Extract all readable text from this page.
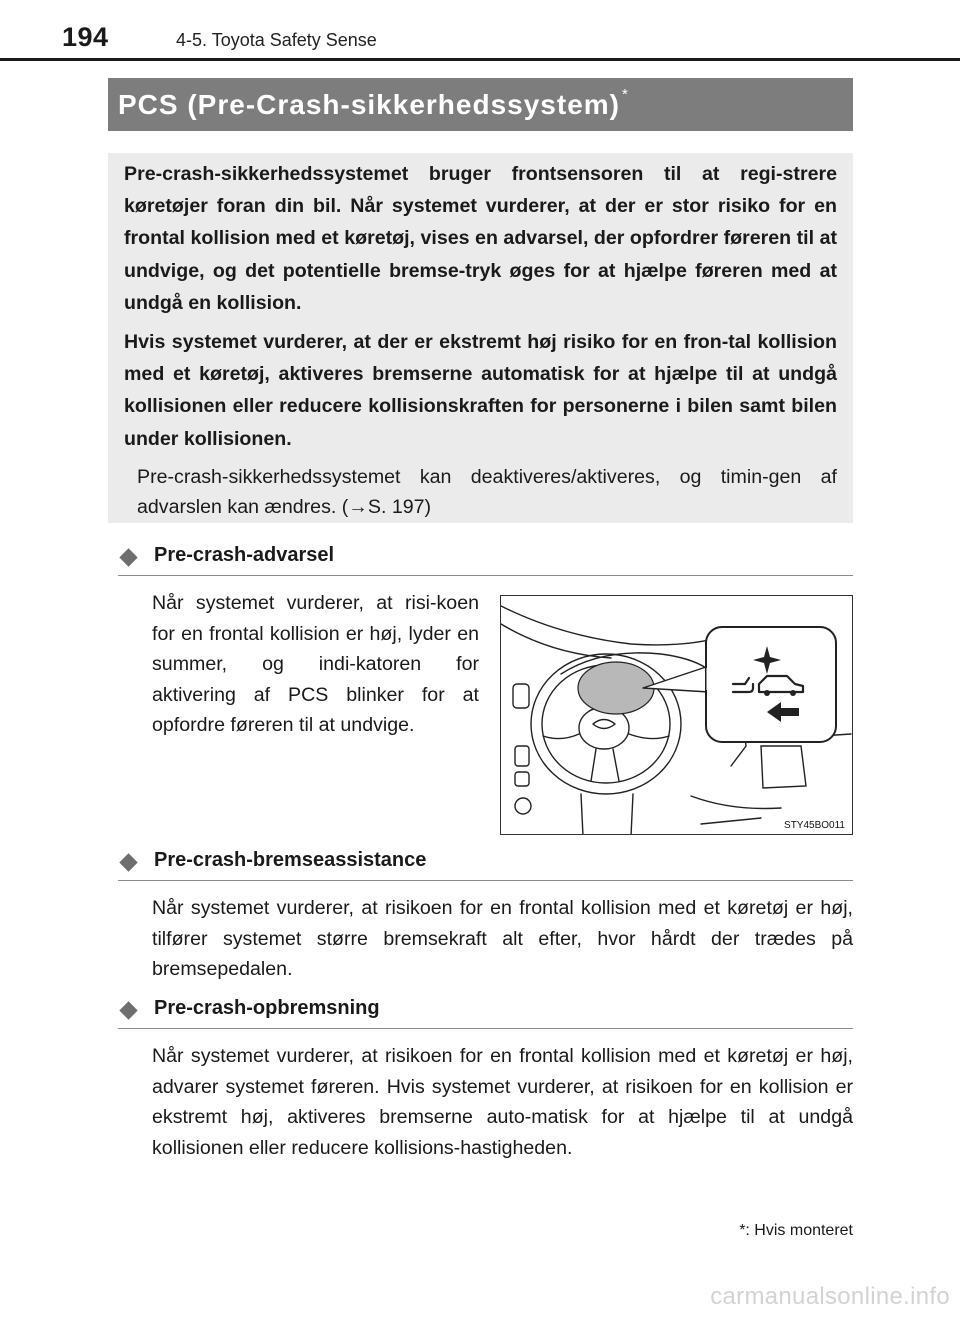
194	4-5. Toyota Safety Sense
PCS (Pre-Crash-sikkerhedssystem) *

Pre-crash-sikkerhedssystemet bruger frontsensoren til at regi-strere køretøjer foran din bil. Når systemet vurderer, at der er stor risiko for en frontal kollision med et køretøj, vises en advarsel, der opfordrer føreren til at undvige, og det potentielle bremse-tryk øges for at hjælpe føreren med at undgå en kollision.

Hvis systemet vurderer, at der er ekstremt høj risiko for en fron-tal kollision med et køretøj, aktiveres bremserne automatisk for at hjælpe til at undgå kollisionen eller reducere kollisionskraften for personerne i bilen samt bilen under kollisionen.

Pre-crash-sikkerhedssystemet kan deaktiveres/aktiveres, og timin-gen af advarslen kan ændres. (→S. 197)

Pre-crash-advarsel

Når systemet vurderer, at risi-koen for en frontal kollision er høj, lyder en summer, og indi-katoren for aktivering af PCS blinker for at opfordre føreren til at undvige.

STY45BO011
Pre-crash-bremseassistance

Når systemet vurderer, at risikoen for en frontal kollision med et køretøj er høj, tilfører systemet større bremsekraft alt efter, hvor hårdt der trædes på bremsepedalen.

Pre-crash-opbremsning

Når systemet vurderer, at risikoen for en frontal kollision med et køretøj er høj, advarer systemet føreren. Hvis systemet vurderer, at risikoen for en kollision er ekstremt høj, aktiveres bremserne auto-matisk for at hjælpe til at undgå kollisionen eller reducere kollisions-hastigheden.

*: Hvis monteret
carmanualsonline.info
